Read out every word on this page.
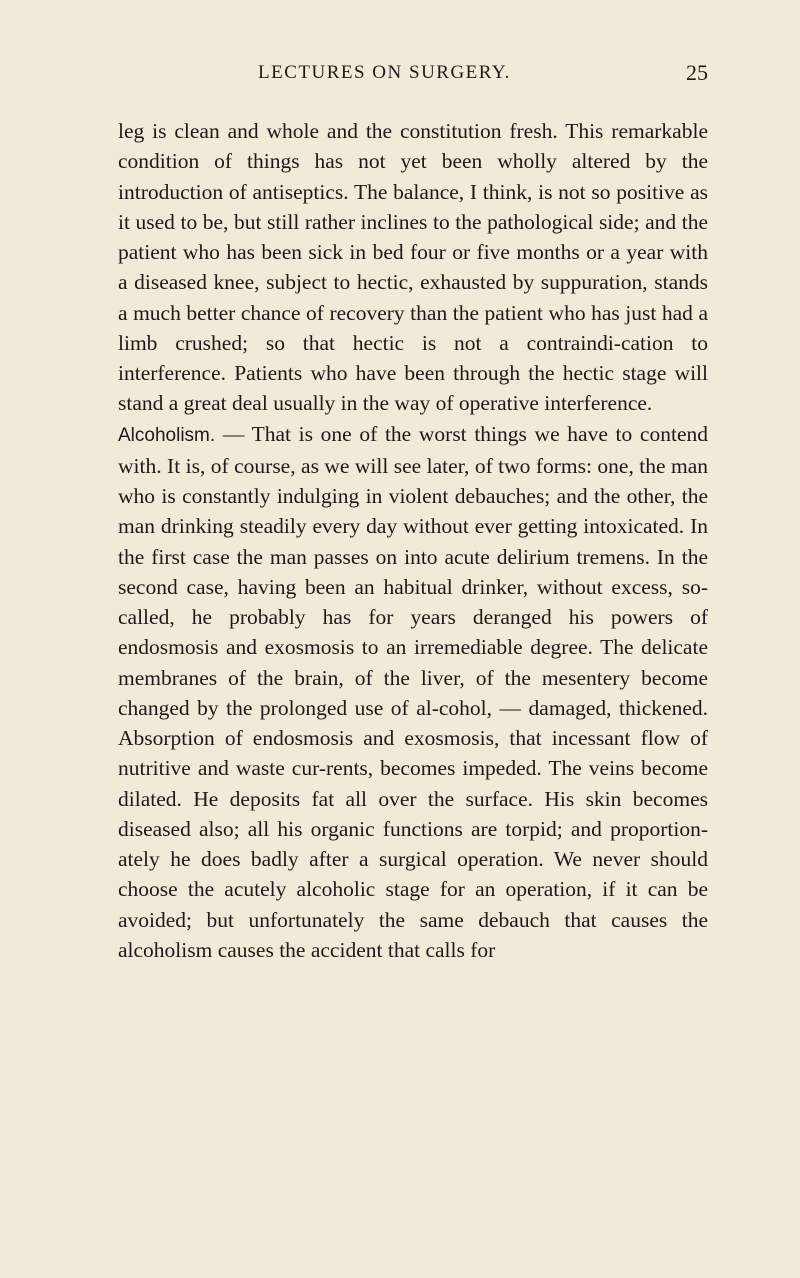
LECTURES ON SURGERY.	25

leg is clean and whole and the constitution fresh. This remarkable condition of things has not yet been wholly altered by the introduction of antiseptics. The balance, I think, is not so positive as it used to be, but still rather inclines to the pathological side; and the patient who has been sick in bed four or five months or a year with a diseased knee, subject to hectic, exhausted by suppuration, stands a much better chance of recovery than the patient who has just had a limb crushed; so that hectic is not a contraindi-cation to interference. Patients who have been through the hectic stage will stand a great deal usually in the way of operative interference.

Alcoholism. — That is one of the worst things we have to contend with. It is, of course, as we will see later, of two forms: one, the man who is constantly indulging in violent debauches; and the other, the man drinking steadily every day without ever getting intoxicated. In the first case the man passes on into acute delirium tremens. In the second case, having been an habitual drinker, without excess, so-called, he probably has for years deranged his powers of endosmosis and exosmosis to an irremediable degree. The delicate membranes of the brain, of the liver, of the mesentery become changed by the prolonged use of al-cohol, — damaged, thickened. Absorption of endosmosis and exosmosis, that incessant flow of nutritive and waste cur-rents, becomes impeded. The veins become dilated. He deposits fat all over the surface. His skin becomes diseased also; all his organic functions are torpid; and proportion-ately he does badly after a surgical operation. We never should choose the acutely alcoholic stage for an operation, if it can be avoided; but unfortunately the same debauch that causes the alcoholism causes the accident that calls for
